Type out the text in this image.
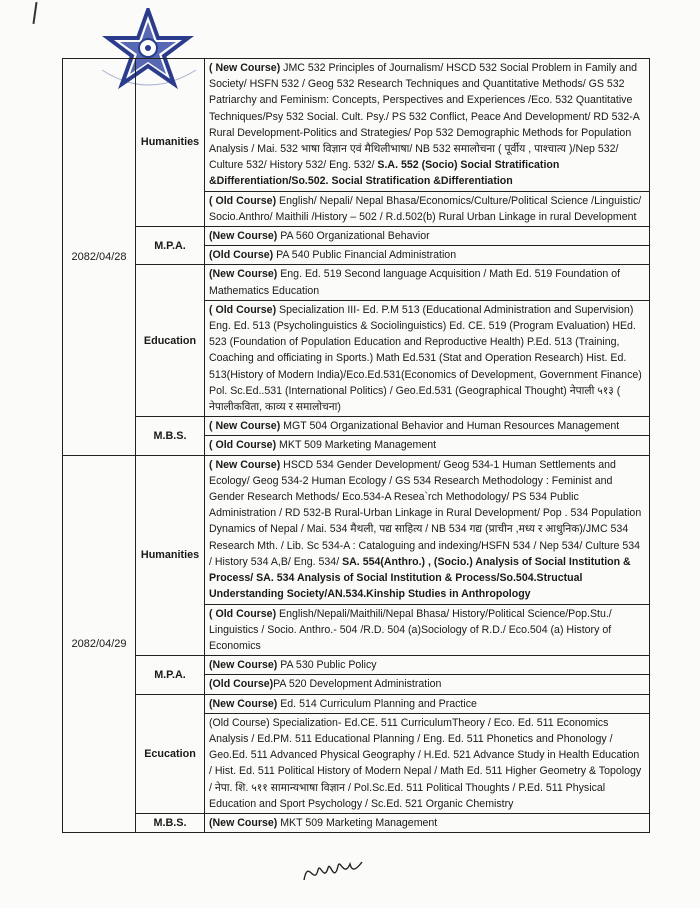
2082/04/28	Humanities	( New Course) JMC 532 Principles of Journalism/ HSCD 532 Social Problem in Family and Society/ HSFN 532 / Geog 532 Research Techniques and Quantitative Methods/ GS 532 Patriarchy and Feminism: Concepts, Perspectives and Experiences /Eco. 532 Quantitative Techniques/Psy 532 Social. Cult. Psy./ PS 532 Conflict, Peace And Development/ RD 532-A Rural Development-Politics and Strategies/ Pop 532 Demographic Methods for Population Analysis / Mai. 532 भाषा विज्ञान एवं मैथिलीभाषा/ NB 532 समालोचना ( पूर्वीय , पाश्चात्य )/Nep 532/ Culture 532/ History 532/ Eng. 532/ S.A. 552 (Socio) Social Stratification &Differentiation/So.502. Social Stratification &Differentiation
		( Old Course) English/ Nepali/ Nepal Bhasa/Economics/Culture/Political Science /Linguistic/ Socio.Anthro/ Maithili /History – 502 / R.d.502(b) Rural Urban Linkage in rural Development
	M.P.A.	(New Course) PA 560 Organizational Behavior
		(Old Course) PA 540 Public Financial Administration
	Education	(New Course) Eng. Ed. 519 Second language Acquisition / Math Ed. 519 Foundation of Mathematics Education
		( Old Course) Specialization III- Ed. P.M 513 (Educational Administration and Supervision) Eng. Ed. 513 (Psycholinguistics & Sociolinguistics) Ed. CE. 519 (Program Evaluation) HEd. 523 (Foundation of Population Education and Reproductive Health) P.Ed. 513 (Training, Coaching and officiating in Sports.) Math Ed.531 (Stat and Operation Research) Hist. Ed. 513(History of Modern India)/Eco.Ed.531(Economics of Development, Government Finance) Pol. Sc.Ed..531 (International Politics) / Geo.Ed.531 (Geographical Thought) नेपाली ५१३ ( नेपालीकविता, काव्य र समालोचना)
	M.B.S.	( New Course) MGT 504 Organizational Behavior and Human Resources Management
		( Old Course) MKT 509 Marketing Management
2082/04/29	Humanities	( New Course) HSCD 534 Gender Development/ Geog 534-1 Human Settlements and Ecology/ Geog 534-2 Human Ecology / GS 534 Research Methodology : Feminist and Gender Research Methods/ Eco.534-A Resea`rch Methodology/ PS 534 Public Administration / RD 532-B Rural-Urban Linkage in Rural Development/ Pop . 534 Population Dynamics of Nepal / Mai. 534 मैथली, पद्य साहित्य / NB 534 गद्य (प्राचीन ,मध्य र आधुनिक)/JMC 534 Research Mth. / Lib. Sc 534-A : Cataloguing and indexing/HSFN 534 / Nep 534/ Culture 534 / History 534 A,B/ Eng. 534/ SA. 554(Anthro.) , (Socio.) Analysis of Social Institution & Process/ SA. 534 Analysis of Social Institution & Process/So.504.Structual Understanding Society/AN.534.Kinship Studies in Anthropology
		( Old Course) English/Nepali/Maithili/Nepal Bhasa/ History/Political Science/Pop.Stu./ Linguistics / Socio. Anthro.- 504 /R.D. 504 (a)Sociology of R.D./ Eco.504 (a) History of Economics
	M.P.A.	(New Course) PA 530 Public Policy
		(Old Course)PA 520 Development Administration
	Ecucation	(New Course) Ed. 514 Curriculum Planning and Practice
		(Old Course) Specialization- Ed.CE. 511 CurriculumTheory / Eco. Ed. 511 Economics Analysis / Ed.PM. 511 Educational Planning / Eng. Ed. 511 Phonetics and Phonology / Geo.Ed. 511 Advanced Physical Geography / H.Ed. 521 Advance Study in Health Education / Hist. Ed. 511 Political History of Modern Nepal / Math Ed. 511 Higher Geometry & Topology / नेपा. शि. ५११ सामान्यभाषा विज्ञान / Pol.Sc.Ed. 511 Political Thoughts / P.Ed. 511 Physical Education and Sport Psychology / Sc.Ed. 521 Organic Chemistry
	M.B.S.	(New Course) MKT 509 Marketing Management
